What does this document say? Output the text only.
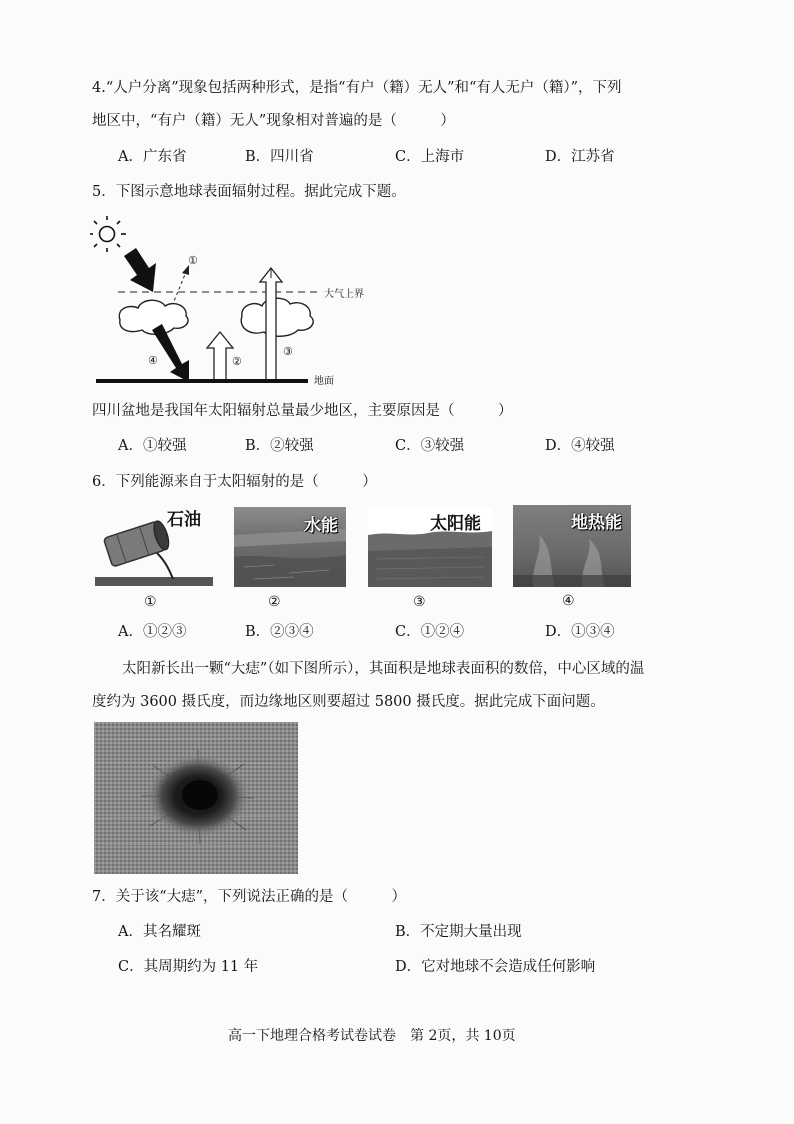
4.“人户分离”现象包括两种形式，是指“有户（籍）无人”和“有人无户（籍）”，下列
地区中，“有户（籍）无人”现象相对普遍的是（　　　）
A．广东省	B．四川省	C．上海市	D．江苏省
5．下图示意地球表面辐射过程。据此完成下题。
①
②
③
④
大气上界
地面
四川盆地是我国年太阳辐射总量最少地区，主要原因是（　　　）
A．①较强	B．②较强	C．③较强	D．④较强
6．下列能源来自于太阳辐射的是（　　　）
石油	水能	太阳能	地热能
①	②	③	④
A．①②③	B．②③④	C．①②④	D．①③④
太阳新长出一颗“大痣”（如下图所示），其面积是地球表面积的数倍，中心区域的温
度约为 3600 摄氏度，而边缘地区则要超过 5800 摄氏度。据此完成下面问题。
7．关于该“大痣”，下列说法正确的是（　　　）
A．其名耀斑	B．不定期大量出现
C．其周期约为 11 年	D．它对地球不会造成任何影响
高一下地理合格考试卷试卷　第 2页，共 10页
